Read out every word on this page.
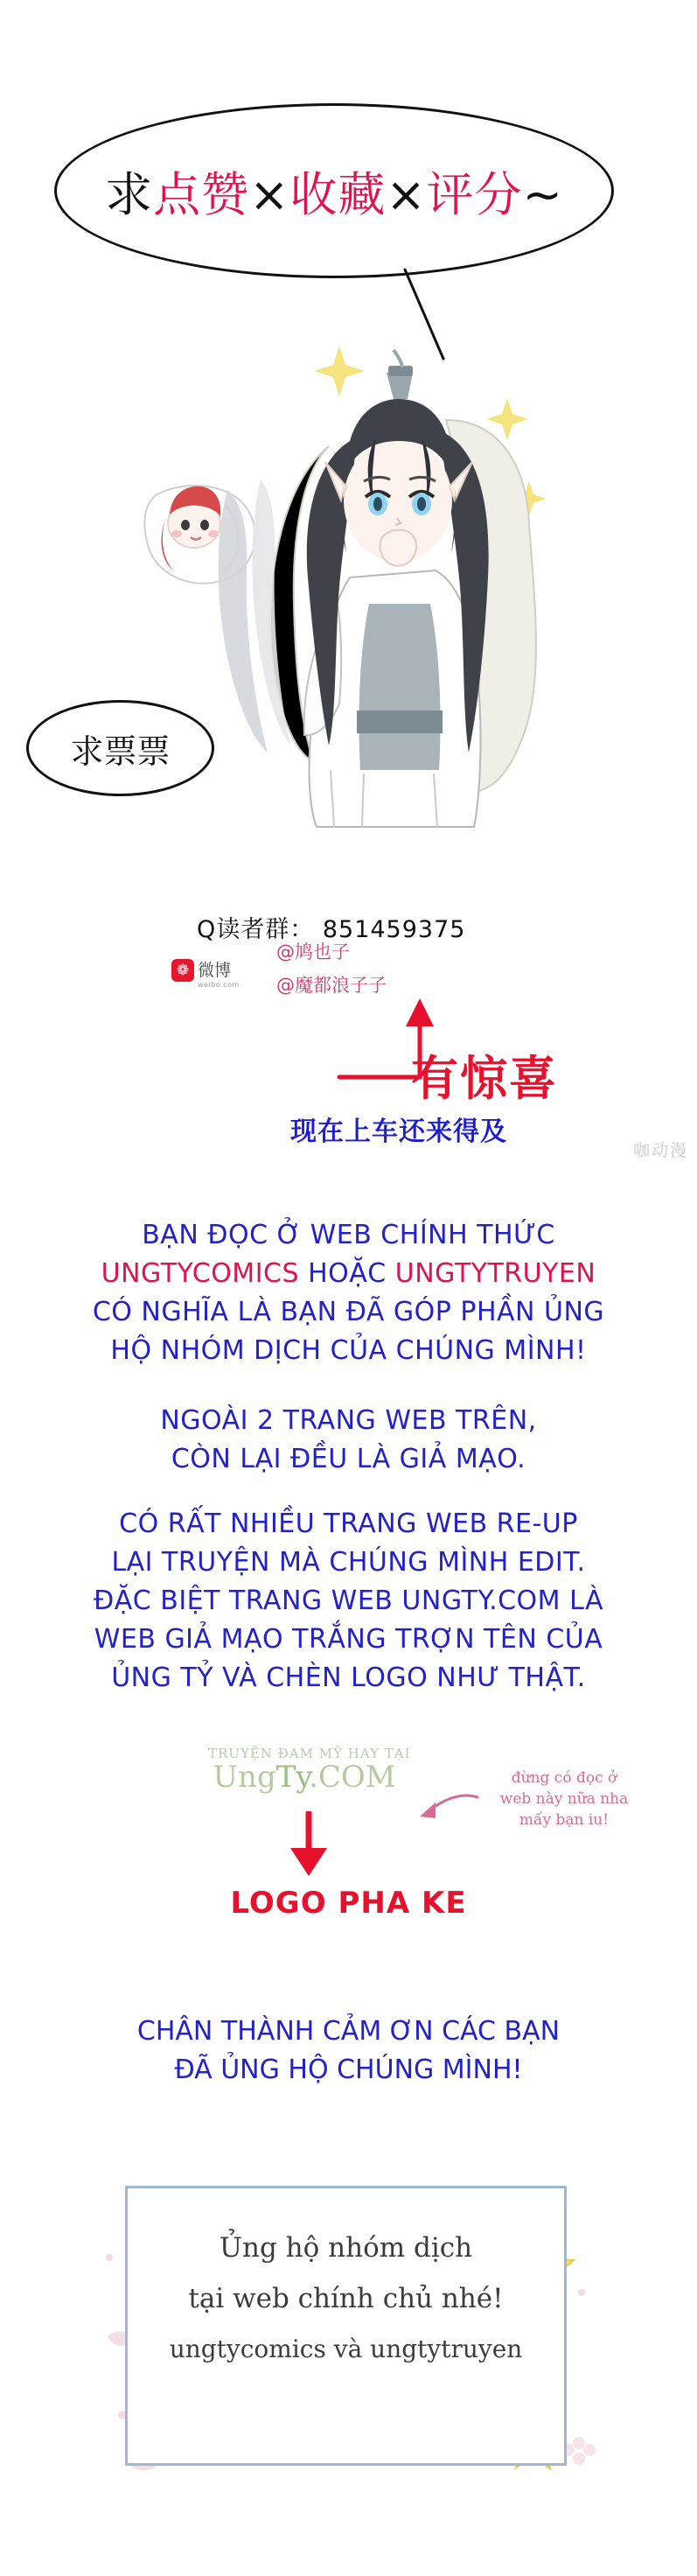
求点赞×收藏×评分~
求票票
Q读者群： 851459375
❁ 微博
weibo.com
@鸠也子
@魔都浪子子
有惊喜
现在上车还来得及
咖动漫
BẠN ĐỌC Ở WEB CHÍNH THỨC
UNGTYCOMICS HOẶC UNGTYTRUYEN
CÓ NGHĨA LÀ BẠN ĐÃ GÓP PHẦN ỦNG
HỘ NHÓM DỊCH CỦA CHÚNG MÌNH!
NGOÀI 2 TRANG WEB TRÊN,
CÒN LẠI ĐỀU LÀ GIẢ MẠO.
CÓ RẤT NHIỀU TRANG WEB RE-UP
LẠI TRUYỆN MÀ CHÚNG MÌNH EDIT.
ĐẶC BIỆT TRANG WEB UNGTY.COM LÀ
WEB GIẢ MẠO TRẮNG TRỢN TÊN CỦA
ỦNG TỶ VÀ CHÈN LOGO NHƯ THẬT.
TRUYỆN ĐAM MỸ HAY TẠI
UngTy.COM	đừng có đọc ở
web này nữa nha
mấy bạn iu!
LOGO PHA KE
CHÂN THÀNH CẢM ƠN CÁC BẠN
ĐÃ ỦNG HỘ CHÚNG MÌNH!
Ủng hộ nhóm dịch
tại web chính chủ nhé!
ungtycomics và ungtytruyen
